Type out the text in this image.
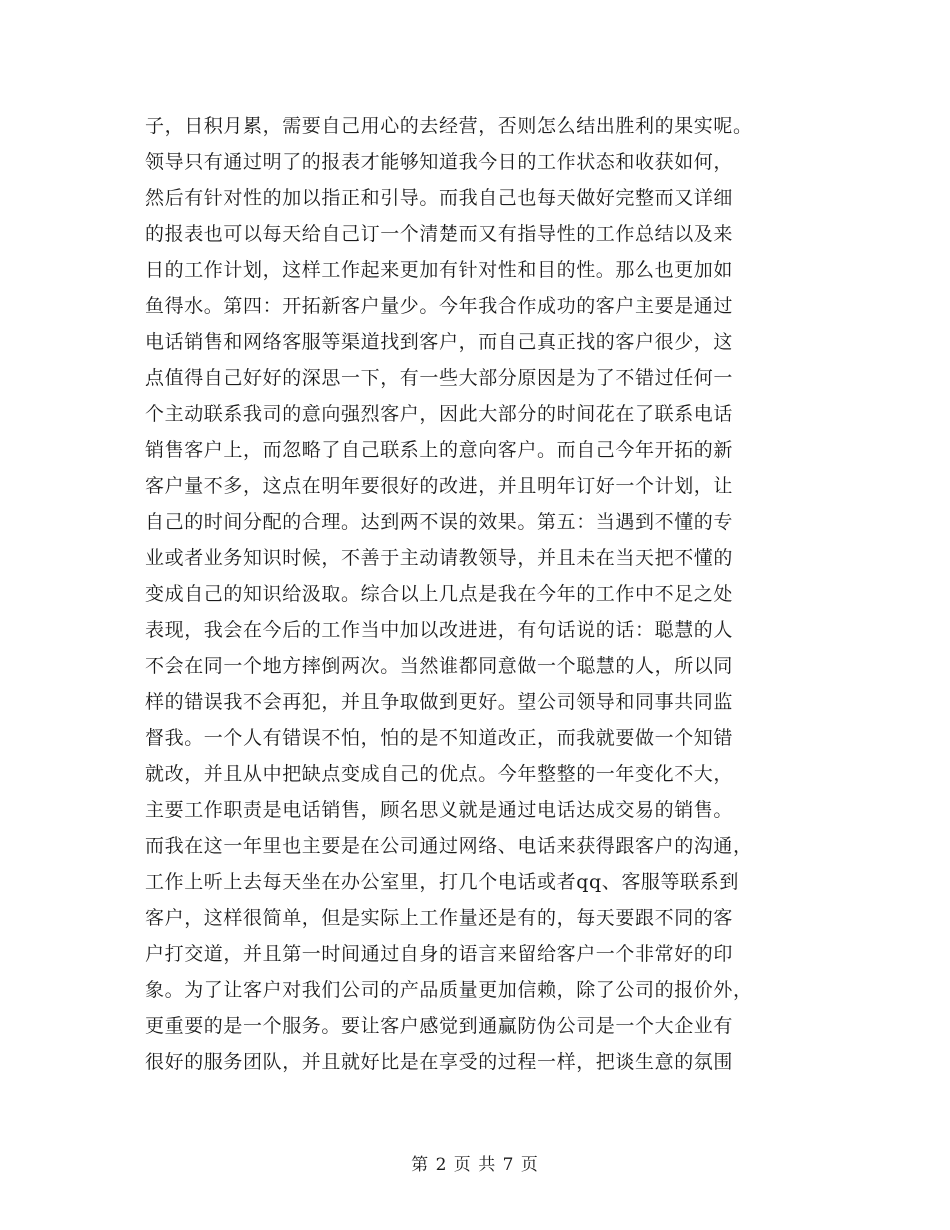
子，日积月累，需要自己用心的去经营，否则怎么结出胜利的果实呢。
领导只有通过明了的报表才能够知道我今日的工作状态和收获如何，
然后有针对性的加以指正和引导。而我自己也每天做好完整而又详细
的报表也可以每天给自己订一个清楚而又有指导性的工作总结以及来
日的工作计划，这样工作起来更加有针对性和目的性。那么也更加如
鱼得水。第四：开拓新客户量少。今年我合作成功的客户主要是通过
电话销售和网络客服等渠道找到客户，而自己真正找的客户很少，这
点值得自己好好的深思一下，有一些大部分原因是为了不错过任何一
个主动联系我司的意向强烈客户，因此大部分的时间花在了联系电话
销售客户上，而忽略了自己联系上的意向客户。而自己今年开拓的新
客户量不多，这点在明年要很好的改进，并且明年订好一个计划，让
自己的时间分配的合理。达到两不误的效果。第五：当遇到不懂的专
业或者业务知识时候，不善于主动请教领导，并且未在当天把不懂的
变成自己的知识给汲取。综合以上几点是我在今年的工作中不足之处
表现，我会在今后的工作当中加以改进进，有句话说的话：聪慧的人
不会在同一个地方摔倒两次。当然谁都同意做一个聪慧的人，所以同
样的错误我不会再犯，并且争取做到更好。望公司领导和同事共同监
督我。一个人有错误不怕，怕的是不知道改正，而我就要做一个知错
就改，并且从中把缺点变成自己的优点。今年整整的一年变化不大，
主要工作职责是电话销售，顾名思义就是通过电话达成交易的销售。
而我在这一年里也主要是在公司通过网络、电话来获得跟客户的沟通，
工作上听上去每天坐在办公室里，打几个电话或者qq、客服等联系到
客户，这样很简单，但是实际上工作量还是有的，每天要跟不同的客
户打交道，并且第一时间通过自身的语言来留给客户一个非常好的印
象。为了让客户对我们公司的产品质量更加信赖，除了公司的报价外，
更重要的是一个服务。要让客户感觉到通赢防伪公司是一个大企业有
很好的服务团队，并且就好比是在享受的过程一样，把谈生意的氛围
第 2 页 共 7 页
